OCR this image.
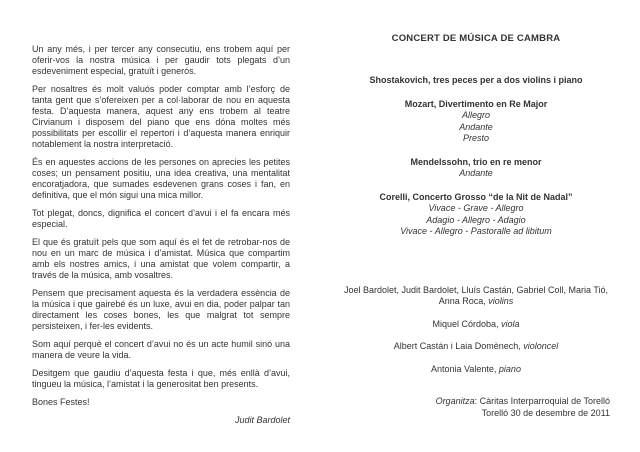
Un any més, i per tercer any consecutiu, ens trobem aquí per oferir-vos la nostra música i per gaudir tots plegats d’un esdeveniment especial, gratuït i generós.

Per nosaltres és molt valuós poder comptar amb l’esforç de tanta gent que s’ofereixen per a col·laborar de nou en aquesta festa. D’aquesta manera, aquest any ens trobem al teatre Cirvianum i disposem del piano que ens dóna moltes més possibilitats per escollir el repertori i d’aquesta manera enriquir notablement la nostra interpretació.

És en aquestes accions de les persones on aprecies les petites coses; un pensament positiu, una idea creativa, una mentalitat encoratjadora, que sumades esdevenen grans coses i fan, en definitiva, que el món sigui una mica millor.

Tot plegat, doncs, dignifica el concert d’avui i el fa encara més especial.

El que és gratuït pels que som aquí és el fet de retrobar-nos de nou en un marc de música i d’amistat. Música que compartim amb els nostres amics, i una amistat que volem compartir, a través de la música, amb vosaltres.

Pensem que precisament aquesta és la verdadera essència de la música i que gairebé és un luxe, avui en dia, poder palpar tan directament les coses bones, les que malgrat tot sempre persisteixen, i fer-les evidents.

Som aquí perquè el concert d’avui no és un acte humil sinó una manera de veure la vida.

Desitgem que gaudiu d’aquesta festa i que, més enllà d’avui, tingueu la música, l’amistat i la generositat ben presents.

Bones Festes!

Judit Bardolet

CONCERT DE MÚSICA DE CAMBRA

Shostakovich, tres peces per a dos violins i piano

Mozart, Divertimento en Re Major

Allegro

Andante

Presto

Mendelssohn, trio en re menor

Andante

Corelli, Concerto Grosso “de la Nit de Nadal”

Vivace - Grave - Allegro

Adagio - Allegro - Adagio

Vivace - Allegro - Pastoralle ad libitum

Joel Bardolet, Judit Bardolet, Lluís Castán, Gabriel Coll, Maria Tió, Anna Roca, violins

Miquel Córdoba, viola

Albert Castán i Laia Domènech, violoncel

Antonia Valente, piano

Organitza: Càritas Interparroquial de Torelló

Torelló 30 de desembre de 2011
